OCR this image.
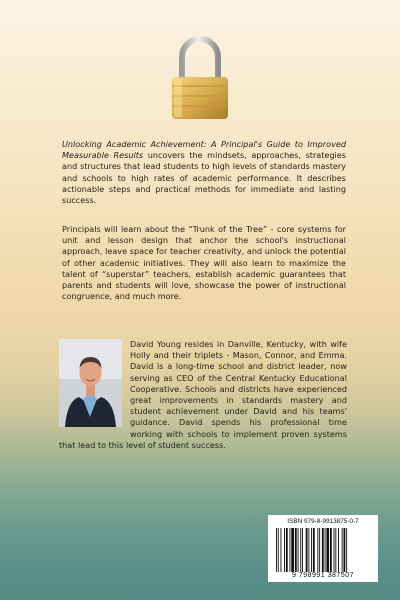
Unlocking Academic Achievement: A Principal's Guide to Improved Measurable Results uncovers the mindsets, approaches, strategies and structures that lead students to high levels of standards mastery and schools to high rates of academic performance. It describes actionable steps and practical methods for immediate and lasting success.

Principals will learn about the “Trunk of the Tree” - core systems for unit and lesson design that anchor the school's instructional approach, leave space for teacher creativity, and unlock the potential of other academic initiatives. They will also learn to maximize the talent of “superstar” teachers, establish academic guarantees that parents and students will love, showcase the power of instructional congruence, and much more.

David Young resides in Danville, Kentucky, with wife Holly and their triplets - Mason, Connor, and Emma. David is a long-time school and district leader, now serving as CEO of the Central Kentucky Educational Cooperative. Schools and districts have experienced great improvements in standards mastery and student achievement under David and his teams' guidance. David spends his professional time working with schools to implement proven systems that lead to this level of student success.
ISBN 979-8-9913875-0-7
9 798991 387507
